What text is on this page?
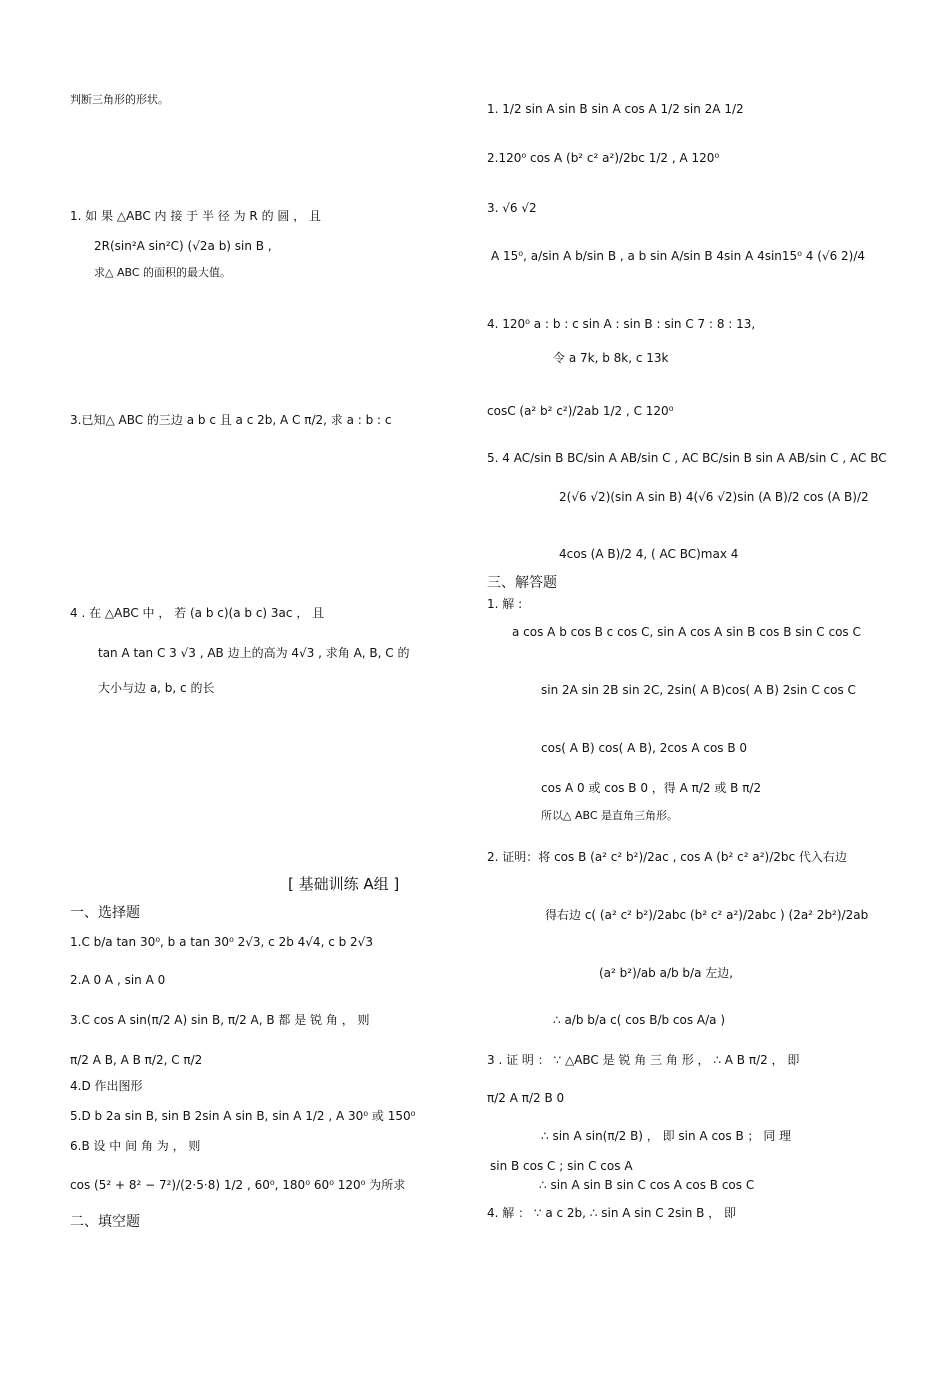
判断三角形的形状。
1. 如 果 △ABC 内 接 于 半 径 为 R 的 圆 ， 且
2R(sin²A sin²C) (√2a b) sin B ,
求△ ABC 的面积的最大值。
3.已知△ ABC 的三边 a b c 且 a c 2b, A C π/2, 求 a : b : c
4 . 在 △ABC 中 ， 若 (a b c)(a b c) 3ac ， 且
tan A tan C 3 √3 , AB 边上的高为 4√3 , 求角 A, B, C 的
大小与边 a, b, c 的长
[ 基础训练 A组 ]
一、选择题
1.C b/a tan 30⁰, b a tan 30⁰ 2√3, c 2b 4√4, c b 2√3
2.A 0 A , sin A 0
3.C cos A sin(π/2 A) sin B, π/2 A, B 都 是 锐 角 ， 则
π/2 A B, A B π/2, C π/2
4.D 作出图形
5.D b 2a sin B, sin B 2sin A sin B, sin A 1/2 , A 30⁰ 或 150⁰
6.B 设 中 间 角 为 ， 则
cos (5² + 8² − 7²)/(2·5·8) 1/2 , 60⁰, 180⁰ 60⁰ 120⁰ 为所求
二、填空题
1. 1/2 sin A sin B sin A cos A 1/2 sin 2A 1/2
2.120⁰ cos A (b² c² a²)/2bc 1/2 , A 120⁰
3. √6 √2
A 15⁰, a/sin A b/sin B , a b sin A/sin B 4sin A 4sin15⁰ 4 (√6 2)/4
4. 120⁰ a : b : c sin A : sin B : sin C 7 : 8 : 13,
令 a 7k, b 8k, c 13k
cosC (a² b² c²)/2ab 1/2 , C 120⁰
5. 4 AC/sin B BC/sin A AB/sin C , AC BC/sin B sin A AB/sin C , AC BC
2(√6 √2)(sin A sin B) 4(√6 √2)sin (A B)/2 cos (A B)/2
4cos (A B)/2 4, ( AC BC)max 4
三、解答题
1. 解 :
a cos A b cos B c cos C, sin A cos A sin B cos B sin C cos C
sin 2A sin 2B sin 2C, 2sin( A B)cos( A B) 2sin C cos C
cos( A B) cos( A B), 2cos A cos B 0
cos A 0 或 cos B 0 ，得 A π/2 或 B π/2
所以△ ABC 是直角三角形。
2. 证明：将 cos B (a² c² b²)/2ac , cos A (b² c² a²)/2bc 代入右边
得右边 c( (a² c² b²)/2abc (b² c² a²)/2abc ) (2a² 2b²)/2ab
(a² b²)/ab a/b b/a 左边,
∴ a/b b/a c( cos B/b cos A/a )
3 . 证 明 ： ∵ △ABC 是 锐 角 三 角 形 ， ∴ A B π/2 ， 即
π/2 A π/2 B 0
∴ sin A sin(π/2 B) ， 即 sin A cos B ； 同 理
sin B cos C ; sin C cos A
∴ sin A sin B sin C cos A cos B cos C
4. 解 ： ∵ a c 2b, ∴ sin A sin C 2sin B ， 即
